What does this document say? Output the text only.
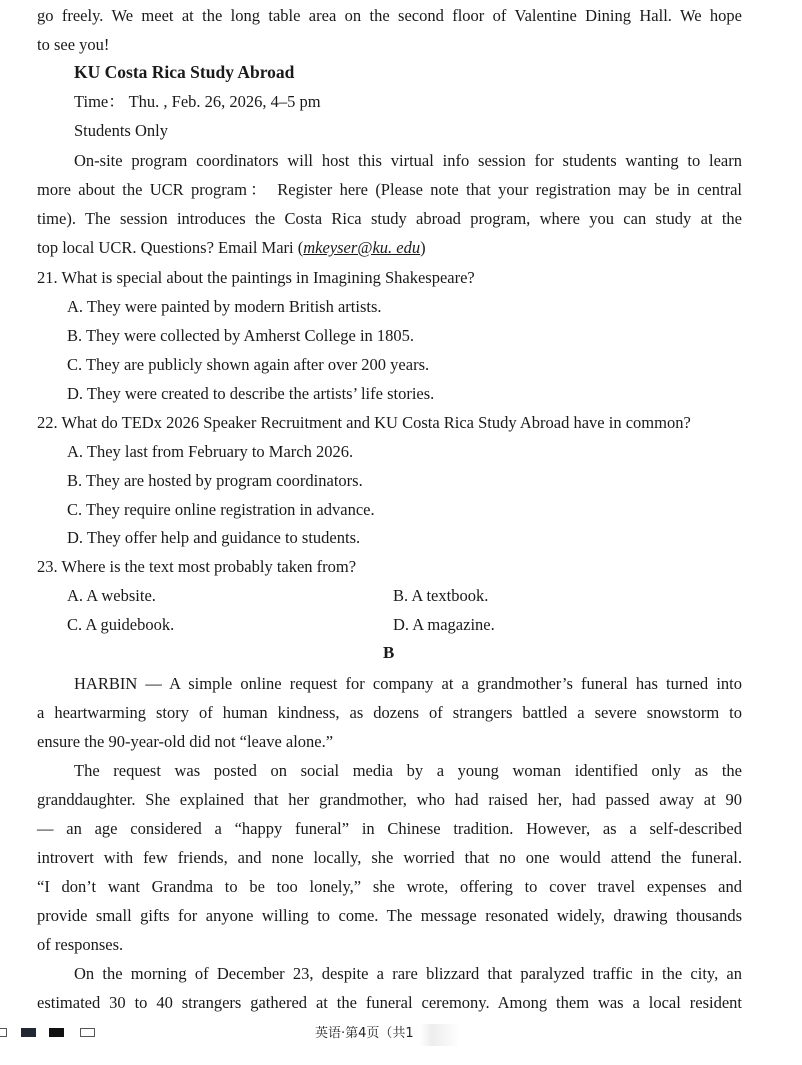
go freely. We meet at the long table area on the second floor of Valentine Dining Hall. We hope
to see you!
KU Costa Rica Study Abroad
Time： Thu. , Feb. 26, 2026, 4–5 pm
Students Only
On-site program coordinators will host this virtual info session for students wanting to learn
more about the UCR program： Register here (Please note that your registration may be in central
time). The session introduces the Costa Rica study abroad program, where you can study at the
top local UCR. Questions? Email Mari (mkeyser@ku. edu)
21. What is special about the paintings in Imagining Shakespeare?
A. They were painted by modern British artists.
B. They were collected by Amherst College in 1805.
C. They are publicly shown again after over 200 years.
D. They were created to describe the artists’ life stories.
22. What do TEDx 2026 Speaker Recruitment and KU Costa Rica Study Abroad have in common?
A. They last from February to March 2026.
B. They are hosted by program coordinators.
C. They require online registration in advance.
D. They offer help and guidance to students.
23. Where is the text most probably taken from?
A. A website.	B. A textbook.
C. A guidebook.	D. A magazine.
B
HARBIN — A simple online request for company at a grandmother’s funeral has turned into
a heartwarming story of human kindness, as dozens of strangers battled a severe snowstorm to
ensure the 90-year-old did not “leave alone.”
The request was posted on social media by a young woman identified only as the
granddaughter. She explained that her grandmother, who had raised her, had passed away at 90
— an age considered a “happy funeral” in Chinese tradition. However, as a self-described
introvert with few friends, and none locally, she worried that no one would attend the funeral.
“I don’t want Grandma to be too lonely,” she wrote, offering to cover travel expenses and
provide small gifts for anyone willing to come. The message resonated widely, drawing thousands
of responses.
On the morning of December 23, despite a rare blizzard that paralyzed traffic in the city, an
estimated 30 to 40 strangers gathered at the funeral ceremony. Among them was a local resident
英语·第4页（共1
